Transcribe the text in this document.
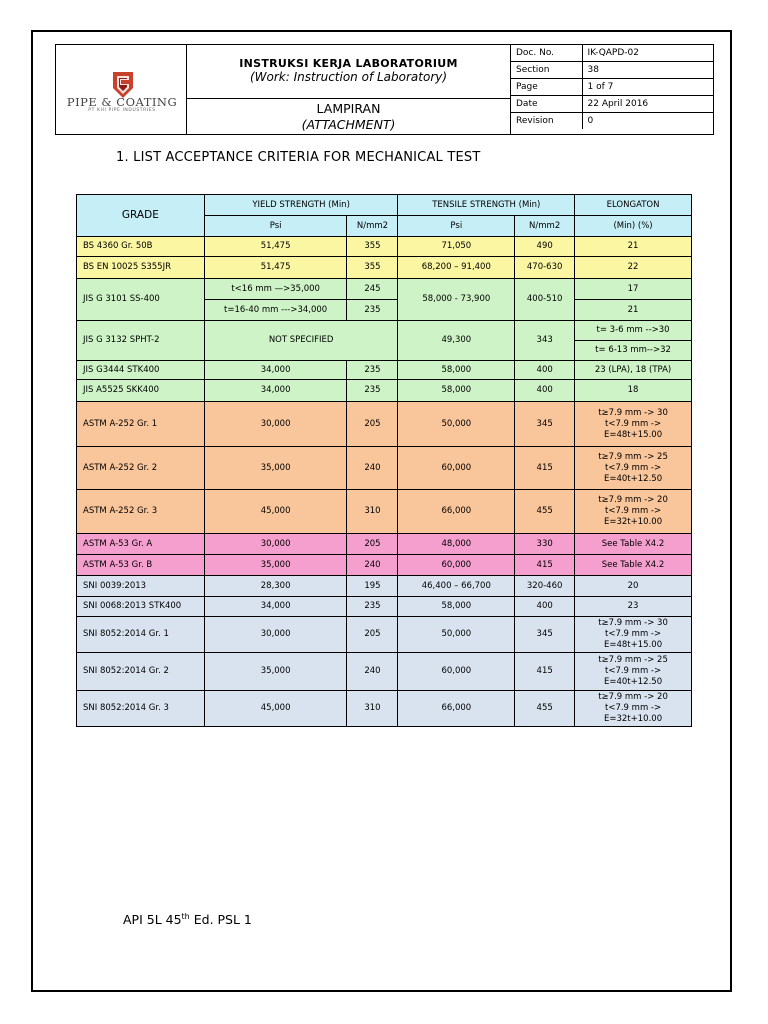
PIPE & COATING
PT KHI PIPE INDUSTRIES
INSTRUKSI KERJA LABORATORIUM
(Work: Instruction of Laboratory)
LAMPIRAN
(ATTACHMENT)
Doc. No.	IK-QAPD-02
Section	38
Page	1 of 7
Date	22 April 2016
Revision	0
1. LIST ACCEPTANCE CRITERIA FOR MECHANICAL TEST
GRADE	YIELD STRENGTH (Min)		TENSILE STRENGTH (Min)		ELONGATON
	Psi	N/mm2	Psi	N/mm2	(Min) (%)
BS 4360 Gr. 50B	51,475	355	71,050	490	21
BS EN 10025 S355JR	51,475	355	68,200 – 91,400	470-630	22
JIS G 3101 SS-400	t<16 mm —>35,000	245	58,000 - 73,900	400-510	17
	t=16-40 mm --->34,000	235			21
JIS G 3132 SPHT-2	NOT SPECIFIED		49,300	343	t= 3-6 mm -->30
					t= 6-13 mm-->32
JIS G3444 STK400	34,000	235	58,000	400	23 (LPA), 18 (TPA)
JIS A5525 SKK400	34,000	235	58,000	400	18
ASTM A-252 Gr. 1	30,000	205	50,000	345	t≥7.9 mm -> 30
t<7.9 mm ->
E=48t+15.00

ASTM A-252 Gr. 2	35,000	240	60,000	415	t≥7.9 mm -> 25
t<7.9 mm ->
E=40t+12.50

ASTM A-252 Gr. 3	45,000	310	66,000	455	t≥7.9 mm -> 20
t<7.9 mm ->
E=32t+10.00

ASTM A-53 Gr. A	30,000	205	48,000	330	See Table X4.2
ASTM A-53 Gr. B	35,000	240	60,000	415	See Table X4.2
SNI 0039:2013	28,300	195	46,400 – 66,700	320-460	20
SNI 0068:2013 STK400	34,000	235	58,000	400	23
SNI 8052:2014 Gr. 1	30,000	205	50,000	345	t≥7.9 mm -> 30
t<7.9 mm ->
E=48t+15.00

SNI 8052:2014 Gr. 2	35,000	240	60,000	415	t≥7.9 mm -> 25
t<7.9 mm ->
E=40t+12.50

SNI 8052:2014 Gr. 3	45,000	310	66,000	455	t≥7.9 mm -> 20
t<7.9 mm ->
E=32t+10.00
API 5L 45th Ed. PSL 1
